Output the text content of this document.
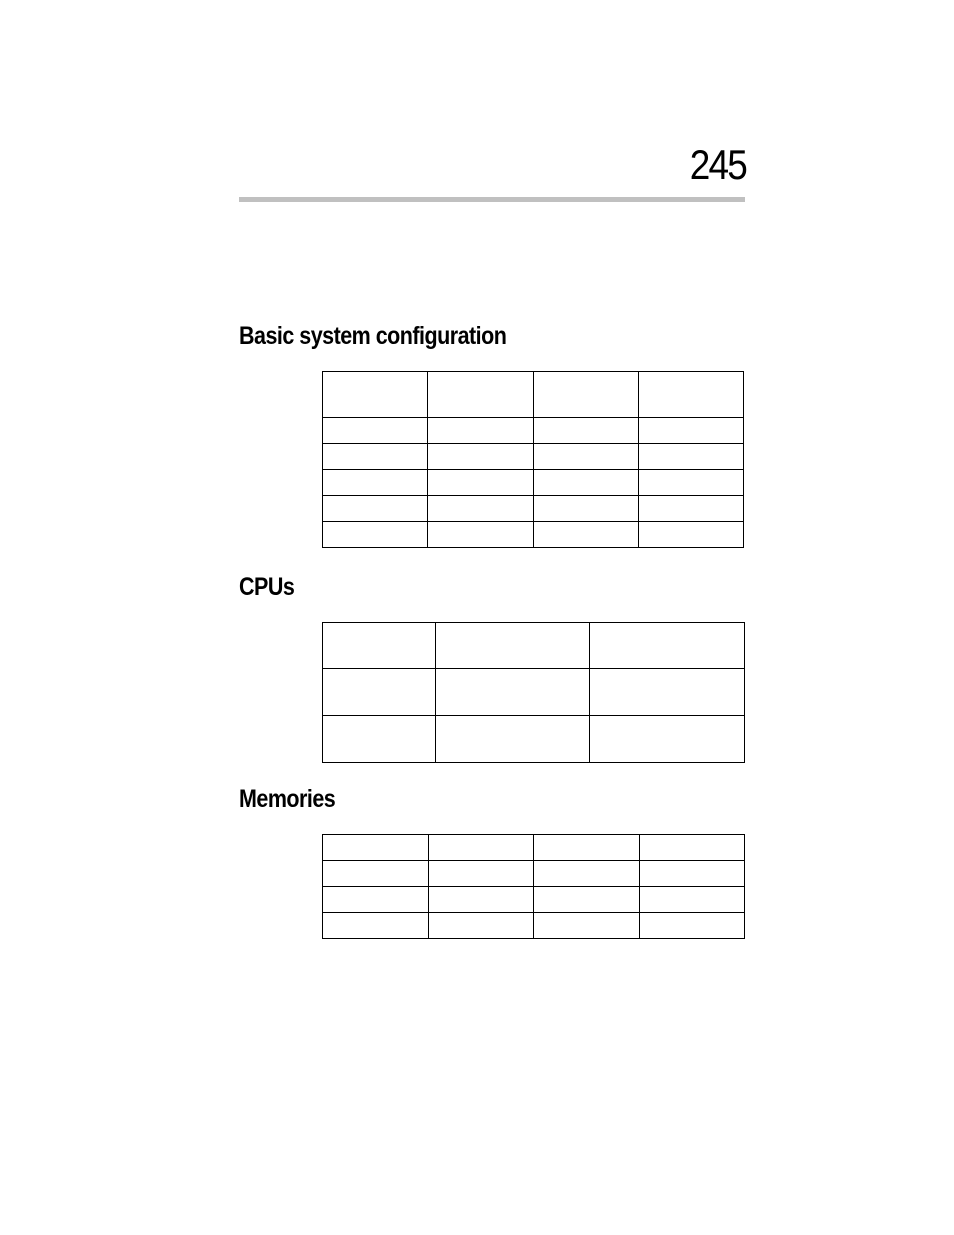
245
Basic system configuration

CPUs

Memories
